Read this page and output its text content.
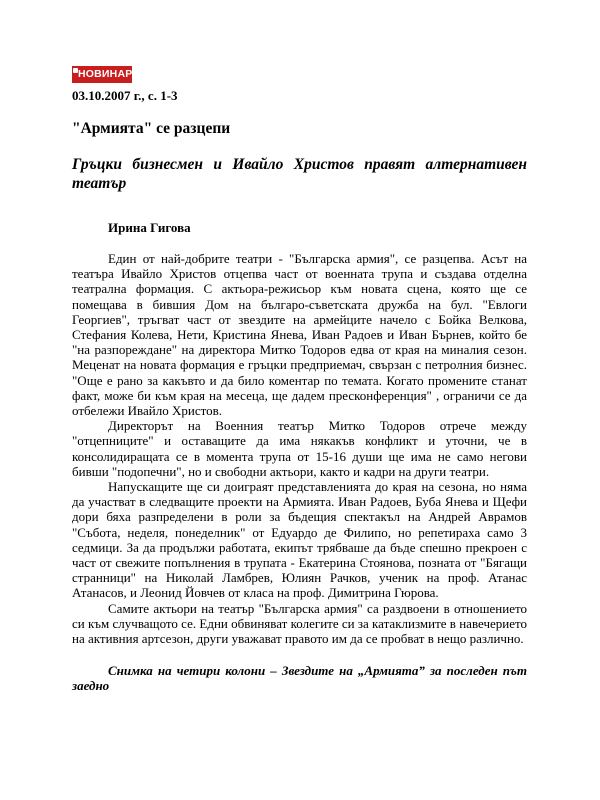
НОВИНАР
03.10.2007 г., с. 1-3
"Армията" се разцепи
Гръцки бизнесмен и Ивайло Христов правят алтернативен театър
Ирина Гигова

Един от най-добрите театри - "Българска армия", се разцепва. Асът на театъра Ивайло Христов отцепва част от военната трупа и създава отделна театрална формация. С актьора-режисьор към новата сцена, която ще се помещава в бившия Дом на българо-съветската дружба на бул. "Евлоги Георгиев", тръгват част от звездите на армейците начело с Бойка Велкова, Стефания Колева, Нети, Кристина Янева, Иван Радоев и Иван Бърнев, който бе "на разпореждане" на директора Митко Тодоров едва от края на миналия сезон. Меценат на новата формация е гръцки предприемач, свързан с петролния бизнес. "Още е рано за какъвто и да било коментар по темата. Когато промените станат факт, може би към края на месеца, ще дадем пресконференция" , ограничи се да отбележи Ивайло Христов.

Директорът на Военния театър Митко Тодоров отрече между "отцепниците" и оставащите да има някакъв конфликт и уточни, че в консолидиращата се в момента трупа от 15-16 души ще има не само негови бивши "подопечни", но и свободни актьори, както и кадри на други театри.

Напускащите ще си доиграят представленията до края на сезона, но няма да участват в следващите проекти на Армията. Иван Радоев, Буба Янева и Щефи дори бяха разпределени в роли за бъдещия спектакъл на Андрей Аврамов "Събота, неделя, понеделник" от Едуардо де Филипо, но репетираха само 3 седмици. За да продължи работата, екипът трябваше да бъде спешно прекроен с част от свежите попълнения в трупата - Екатерина Стоянова, позната от "Бягащи странници" на Николай Ламбрев, Юлиян Рачков, ученик на проф. Атанас Атанасов, и Леонид Йовчев от класа на проф. Димитрина Гюрова.

Самите актьори на театър "Българска армия" са раздвоени в отношението си към случващото се. Едни обвиняват колегите си за катаклизмите в навечерието на активния артсезон, други уважават правото им да се пробват в нещо различно.

Снимка на четири колони – Звездите на „Армията” за последен път заедно
